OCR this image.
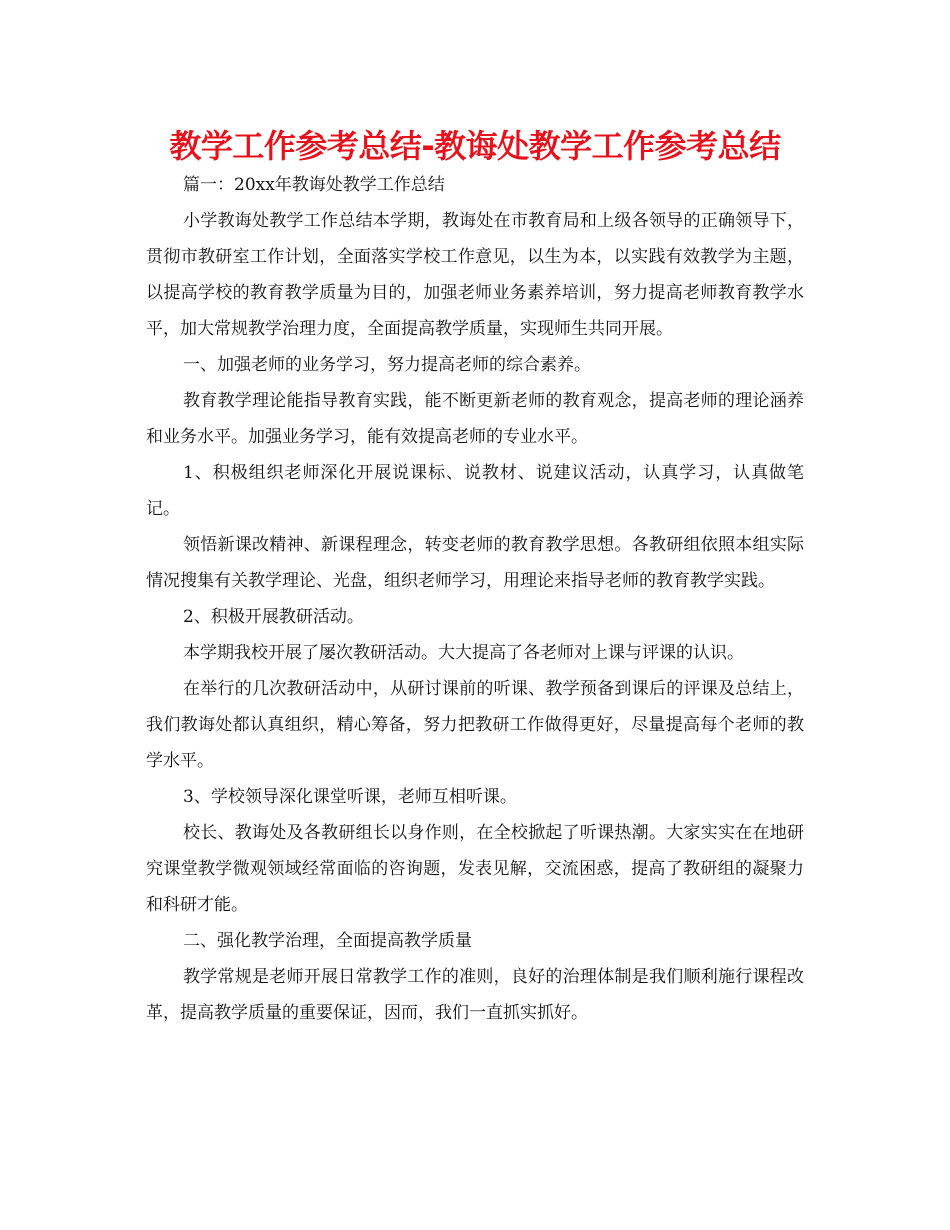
教学工作参考总结-教诲处教学工作参考总结

篇一：20xx年教诲处教学工作总结

小学教诲处教学工作总结本学期，教诲处在市教育局和上级各领导的正确领导下，贯彻市教研室工作计划，全面落实学校工作意见，以生为本，以实践有效教学为主题，以提高学校的教育教学质量为目的，加强老师业务素养培训，努力提高老师教育教学水平，加大常规教学治理力度，全面提高教学质量，实现师生共同开展。

一、加强老师的业务学习，努力提高老师的综合素养。

教育教学理论能指导教育实践，能不断更新老师的教育观念，提高老师的理论涵养和业务水平。加强业务学习，能有效提高老师的专业水平。

1、积极组织老师深化开展说课标、说教材、说建议活动，认真学习，认真做笔记。

领悟新课改精神、新课程理念，转变老师的教育教学思想。各教研组依照本组实际情况搜集有关教学理论、光盘，组织老师学习，用理论来指导老师的教育教学实践。

2、积极开展教研活动。

本学期我校开展了屡次教研活动。大大提高了各老师对上课与评课的认识。

在举行的几次教研活动中，从研讨课前的听课、教学预备到课后的评课及总结上，我们教诲处都认真组织，精心筹备，努力把教研工作做得更好，尽量提高每个老师的教学水平。

3、学校领导深化课堂听课，老师互相听课。

校长、教诲处及各教研组长以身作则，在全校掀起了听课热潮。大家实实在在地研究课堂教学微观领域经常面临的咨询题，发表见解，交流困惑，提高了教研组的凝聚力和科研才能。

二、强化教学治理，全面提高教学质量

教学常规是老师开展日常教学工作的准则，良好的治理体制是我们顺利施行课程改革，提高教学质量的重要保证，因而，我们一直抓实抓好。
